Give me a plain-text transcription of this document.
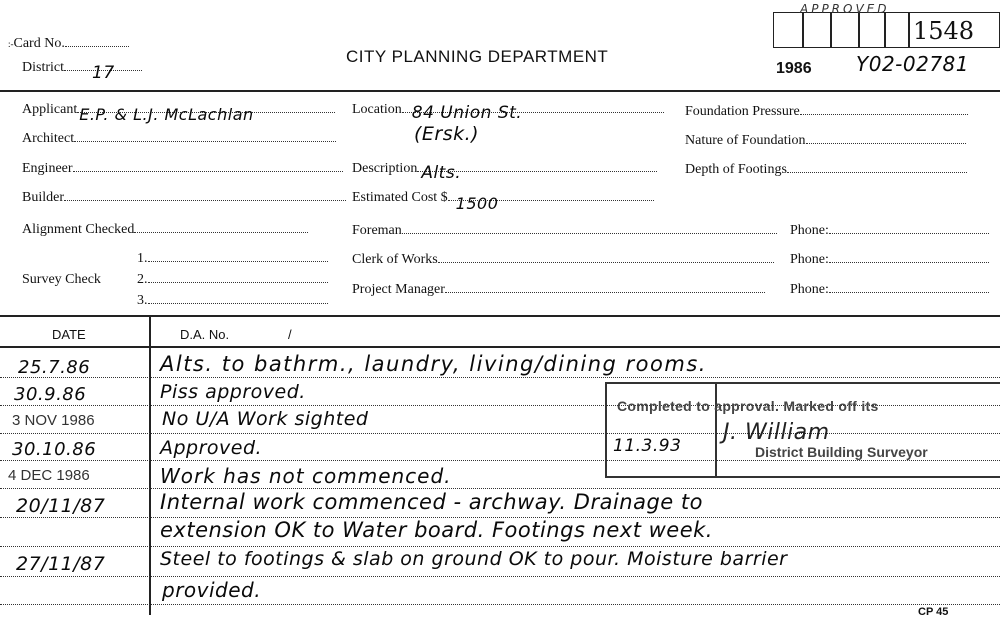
:-Card No.
District 17
CITY PLANNING DEPARTMENT
1986 Y02-02781
APPROVED
1548
Applicant E.P. & L.J. McLachlan
Architect
Engineer
Builder
Alignment Checked
Survey Check
1.
2.
3.
Location 84 Union St.
(Ersk.)
Description Alts.
Estimated Cost $ 1500
Foreman
Clerk of Works
Project Manager
Phone:
Phone:
Phone:
Foundation Pressure
Nature of Foundation
Depth of Footings
DATE	D.A. No.	/
Completed to approval. Marked off its
11.3.93
J. William
District Building Surveyor
25.7.86	Alts. to bathrm., laundry, living/dining rooms.
30.9.86	Piss approved.
3 NOV 1986	No U/A Work sighted
30.10.86	Approved.
4 DEC 1986	Work has not commenced.
20/11/87	Internal work commenced - archway. Drainage to
extension OK to Water board. Footings next week.
27/11/87	Steel to footings & slab on ground OK to pour. Moisture barrier
provided.
CP 45
